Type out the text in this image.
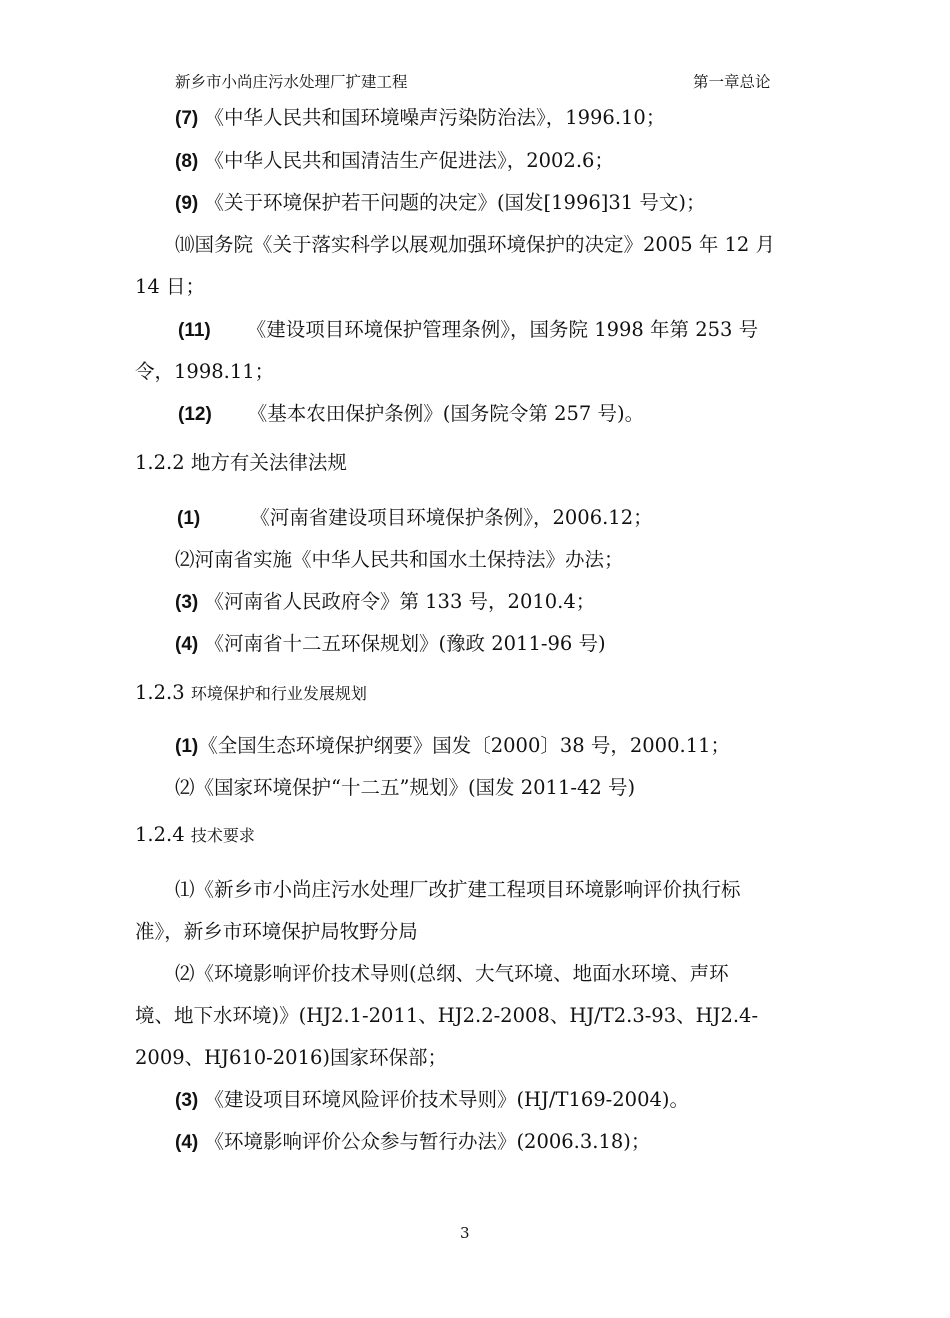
新乡市小尚庄污水处理厂扩建工程	第一章总论
(7) 《中华人民共和国环境噪声污染防治法》，1996.10；
(8) 《中华人民共和国清洁生产促进法》，2002.6；
(9) 《关于环境保护若干问题的决定》(国发[1996]31 号文)；
⑽国务院《关于落实科学以展观加强环境保护的决定》2005 年 12 月
14 日；
(11) 《建设项目环境保护管理条例》，国务院 1998 年第 253 号
令，1998.11；
(12) 《基本农田保护条例》(国务院令第 257 号)。
1.2.2 地方有关法律法规
(1)	《河南省建设项目环境保护条例》，2006.12；
⑵河南省实施《中华人民共和国水土保持法》办法；
(3) 《河南省人民政府令》第 133 号，2010.4；
(4) 《河南省十二五环保规划》(豫政 2011-96 号)
1.2.3 环境保护和行业发展规划
(1)《全国生态环境保护纲要》国发〔2000〕38 号，2000.11；
⑵《国家环境保护“十二五”规划》(国发 2011-42 号)
1.2.4 技术要求
⑴《新乡市小尚庄污水处理厂改扩建工程项目环境影响评价执行标
准》，新乡市环境保护局牧野分局
⑵《环境影响评价技术导则(总纲、大气环境、地面水环境、声环
境、地下水环境)》(HJ2.1-2011、HJ2.2-2008、HJ/T2.3-93、HJ2.4-
2009、HJ610-2016)国家环保部；
(3) 《建设项目环境风险评价技术导则》(HJ/T169-2004)。
(4) 《环境影响评价公众参与暂行办法》(2006.3.18)；
3
